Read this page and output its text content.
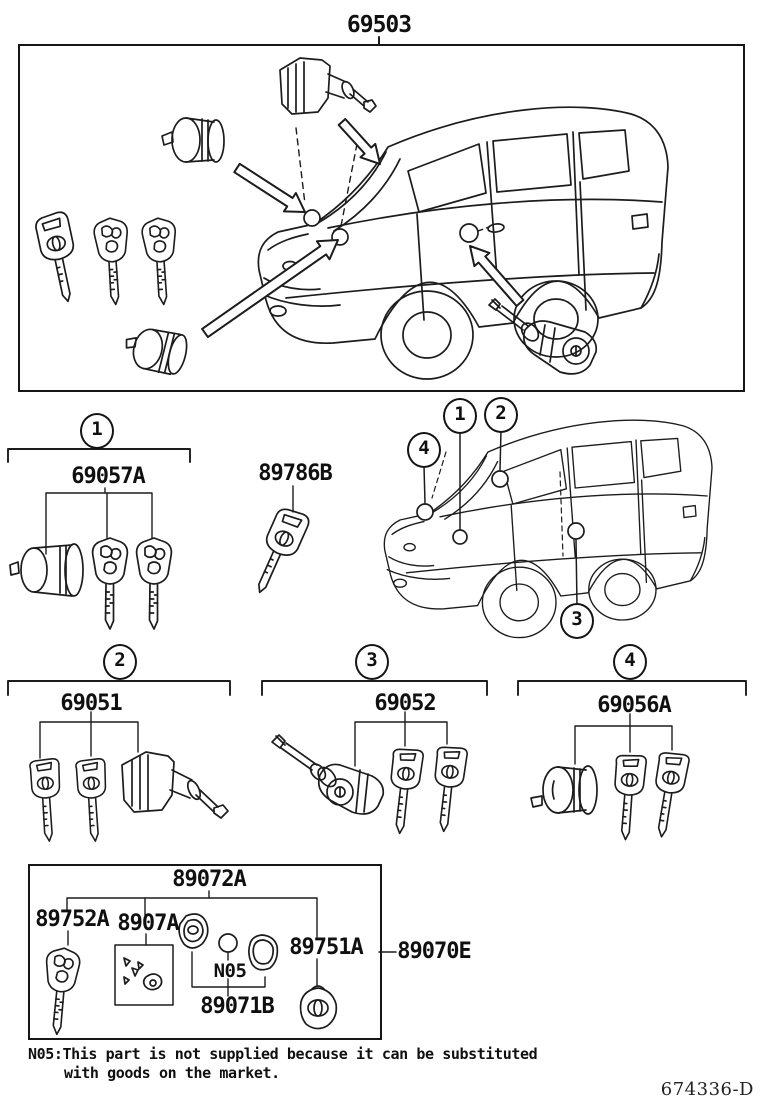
69503
1
69057A	89786B
4
1	2
3
2
69051
3
69052
4
69056A
89072A
89752A 8907A
89751A
N05
89071B
89070E
N05:This part is not supplied because it can be substituted
with goods on the market.
674336-D
